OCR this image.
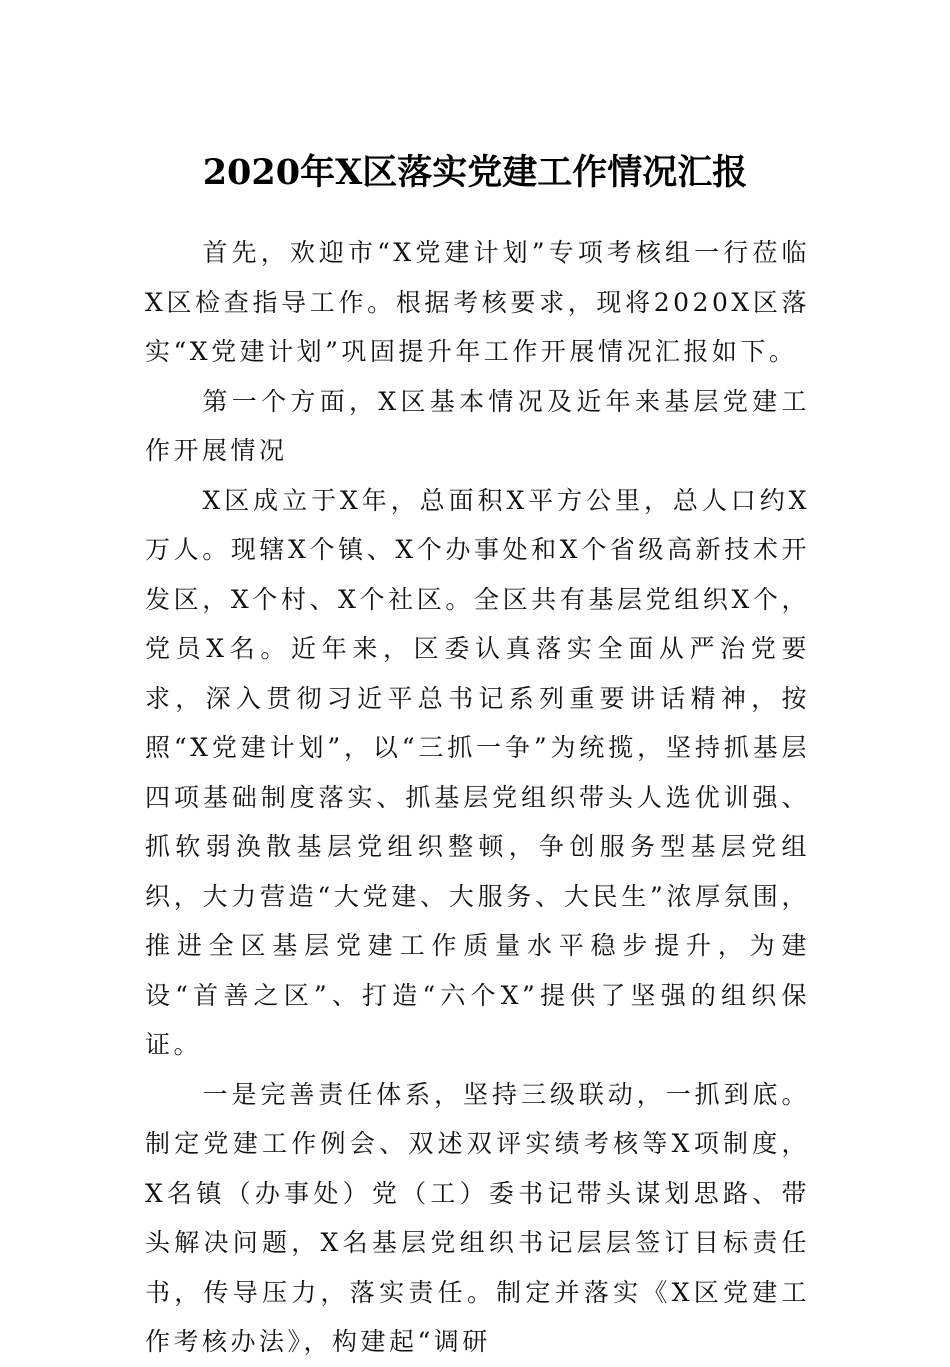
2020年X区落实党建工作情况汇报

首先，欢迎市“X党建计划”专项考核组一行莅临X区检查指导工作。根据考核要求，现将2020X区落实“X党建计划”巩固提升年工作开展情况汇报如下。

第一个方面，X区基本情况及近年来基层党建工作开展情况

X区成立于X年，总面积X平方公里，总人口约X万人。现辖X个镇、X个办事处和X个省级高新技术开发区，X个村、X个社区。全区共有基层党组织X个，党员X名。近年来，区委认真落实全面从严治党要求，深入贯彻习近平总书记系列重要讲话精神，按照“X党建计划”，以“三抓一争”为统揽，坚持抓基层四项基础制度落实、抓基层党组织带头人选优训强、抓软弱涣散基层党组织整顿，争创服务型基层党组织，大力营造“大党建、大服务、大民生”浓厚氛围，推进全区基层党建工作质量水平稳步提升，为建设“首善之区”、打造“六个X”提供了坚强的组织保证。

一是完善责任体系，坚持三级联动，一抓到底。制定党建工作例会、双述双评实绩考核等X项制度，X名镇（办事处）党（工）委书记带头谋划思路、带头解决问题，X名基层党组织书记层层签订目标责任书，传导压力，落实责任。制定并落实《X区党建工作考核办法》，构建起“调研
